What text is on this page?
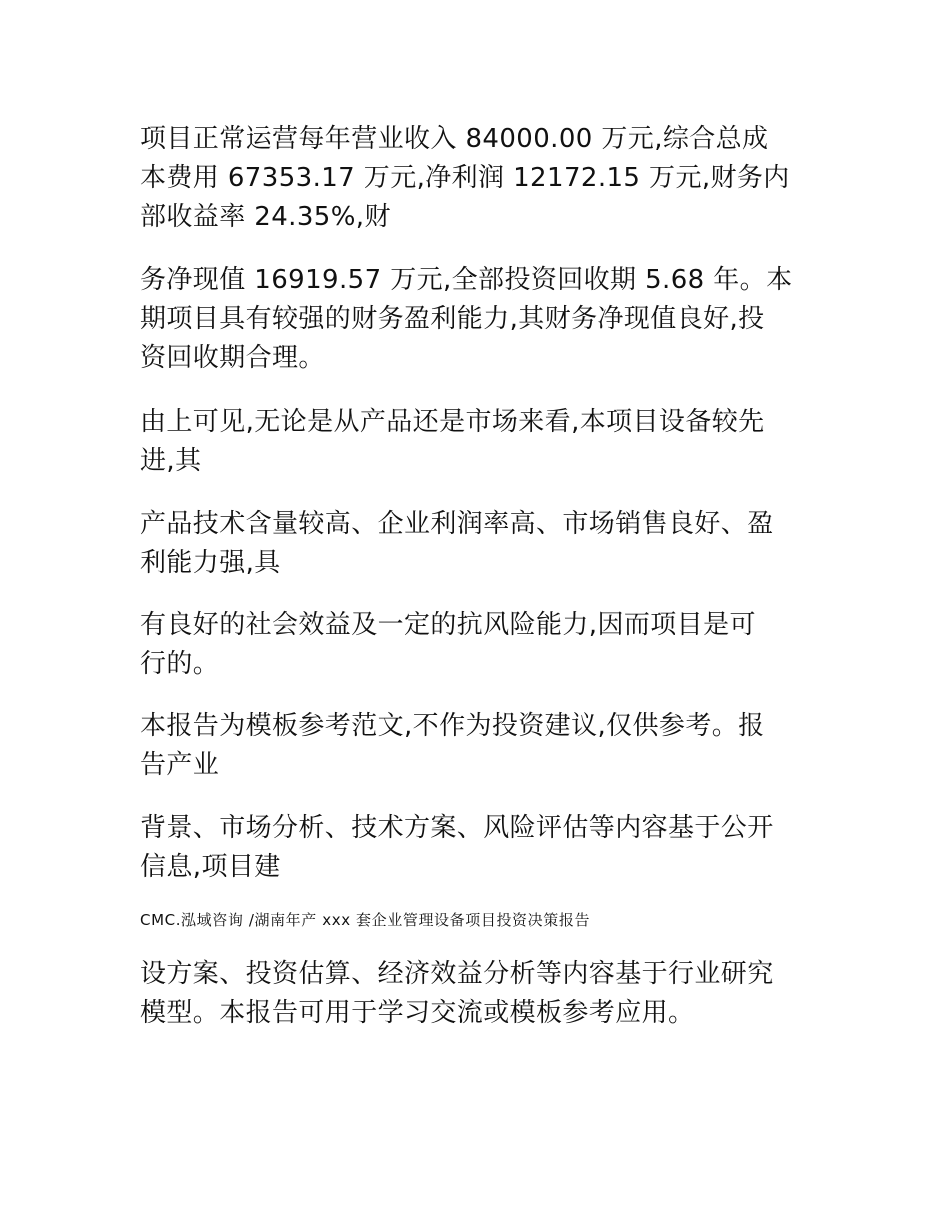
项目正常运营每年营业收入 84000.00 万元,综合总成
本费用 67353.17 万元,净利润 12172.15 万元,财务内
部收益率 24.35%,财
务净现值 16919.57 万元,全部投资回收期 5.68 年。本
期项目具有较强的财务盈利能力,其财务净现值良好,投
资回收期合理。
由上可见,无论是从产品还是市场来看,本项目设备较先
进,其
产品技术含量较高、企业利润率高、市场销售良好、盈
利能力强,具
有良好的社会效益及一定的抗风险能力,因而项目是可
行的。
本报告为模板参考范文,不作为投资建议,仅供参考。报
告产业
背景、市场分析、技术方案、风险评估等内容基于公开
信息,项目建
CMC.泓域咨询 /湖南年产 xxx 套企业管理设备项目投资决策报告
设方案、投资估算、经济效益分析等内容基于行业研究
模型。本报告可用于学习交流或模板参考应用。
